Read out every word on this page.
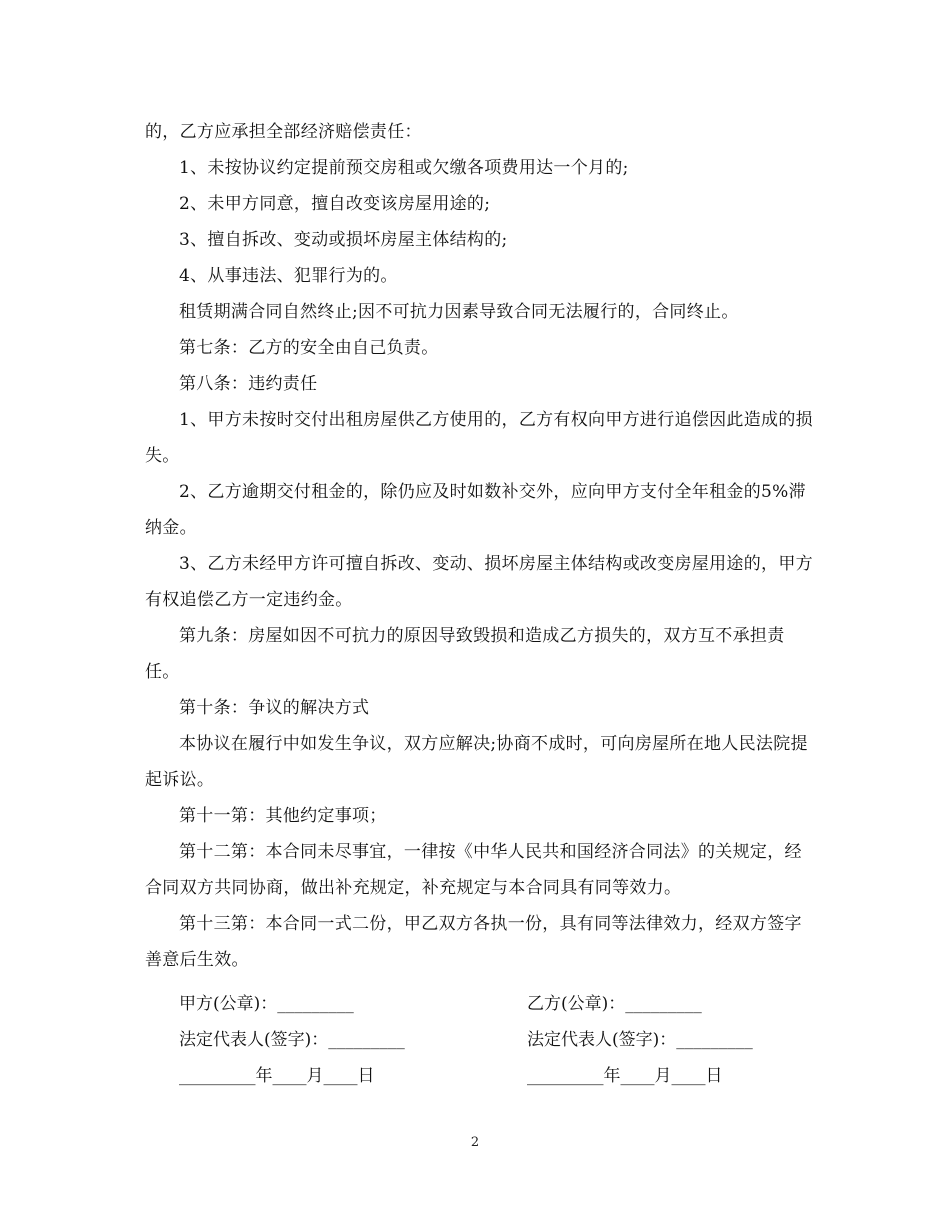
的，乙方应承担全部经济赔偿责任：

1、未按协议约定提前预交房租或欠缴各项费用达一个月的;

2、未甲方同意，擅自改变该房屋用途的;

3、擅自拆改、变动或损坏房屋主体结构的;

4、从事违法、犯罪行为的。

租赁期满合同自然终止;因不可抗力因素导致合同无法履行的，合同终止。

第七条：乙方的安全由自己负责。

第八条：违约责任

1、甲方未按时交付出租房屋供乙方使用的，乙方有权向甲方进行追偿因此造成的损失。

2、乙方逾期交付租金的，除仍应及时如数补交外，应向甲方支付全年租金的5%滞纳金。

3、乙方未经甲方许可擅自拆改、变动、损坏房屋主体结构或改变房屋用途的，甲方有权追偿乙方一定违约金。

第九条：房屋如因不可抗力的原因导致毁损和造成乙方损失的，双方互不承担责任。

第十条：争议的解决方式

本协议在履行中如发生争议，双方应解决;协商不成时，可向房屋所在地人民法院提起诉讼。

第十一第：其他约定事项；

第十二第：本合同未尽事宜，一律按《中华人民共和国经济合同法》的关规定，经合同双方共同协商，做出补充规定，补充规定与本合同具有同等效力。

第十三第：本合同一式二份，甲乙双方各执一份，具有同等法律效力，经双方签字善意后生效。

甲方(公章)：_________	乙方(公章)：_________
法定代表人(签字)：_________	法定代表人(签字)：_________
_________年____月____日	_________年____月____日
2
